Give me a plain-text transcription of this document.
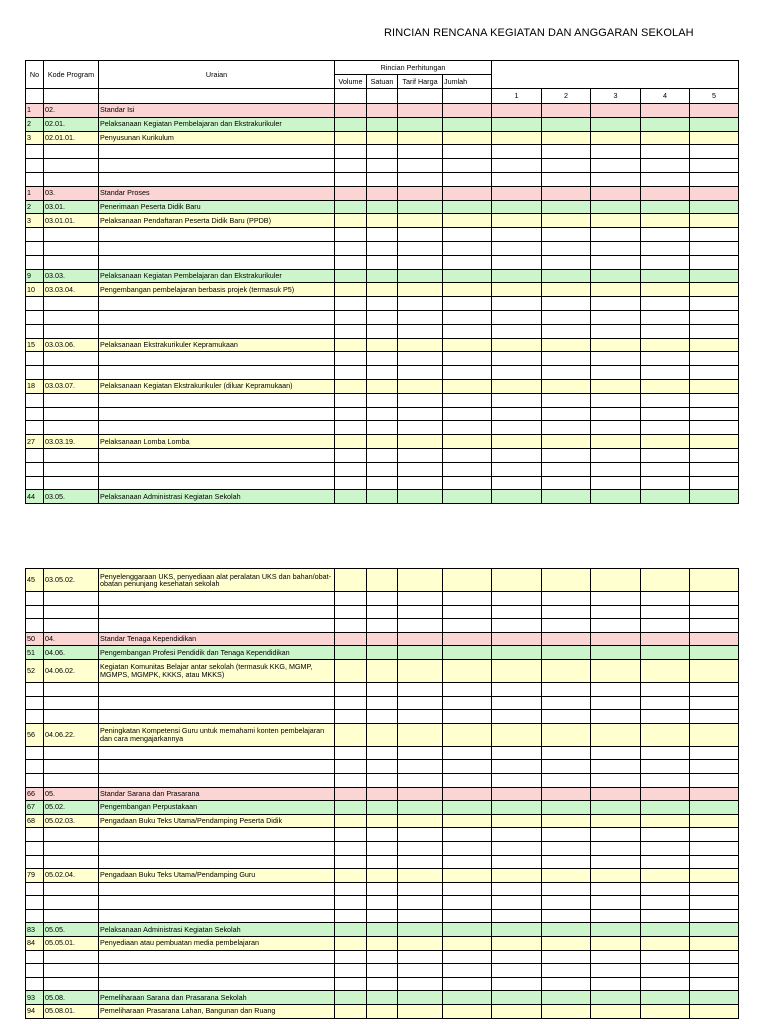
RINCIAN RENCANA KEGIATAN DAN ANGGARAN SEKOLAH
No	Kode Program	Uraian	Rincian Perhitungan								
			Volume	Satuan	Tarif Harga	Jumlah					
							1	2	3	4	5
1	02.	Standar Isi									
2	02.01.	Pelaksanaan Kegiatan Pembelajaran dan Ekstrakurikuler									
3	02.01.01.	Penyusunan Kurikulum									

1	03.	Standar Proses									
2	03.01.	Penerimaan Peserta Didik Baru									
3	03.01.01.	Pelaksanaan Pendaftaran Peserta Didik Baru (PPDB)									

9	03.03.	Pelaksanaan Kegiatan Pembelajaran dan Ekstrakurikuler									
10	03.03.04.	Pengembangan pembelajaran berbasis projek (termasuk P5)									

15	03.03.06.	Pelaksanaan Ekstrakurikuler Kepramukaan									

18	03.03.07.	Pelaksanaan Kegiatan Ekstrakurikuler (diluar Kepramukaan)									

27	03.03.19.	Pelaksanaan Lomba Lomba									

44	03.05.	Pelaksanaan Administrasi Kegiatan Sekolah									
45	03.05.02.	Penyelenggaraan UKS, penyediaan alat peralatan UKS dan bahan/obat-obatan penunjang kesehatan sekolah									

50	04.	Standar Tenaga Kependidikan									
51	04.06.	Pengembangan Profesi Pendidik dan Tenaga Kependidikan									
52	04.06.02.	Kegiatan Komunitas Belajar antar sekolah (termasuk KKG, MGMP, MGMPS, MGMPK, KKKS, atau MKKS)									

56	04.06.22.	Peningkatan Kompetensi Guru untuk memahami konten pembelajaran dan cara mengajarkannya									

66	05.	Standar Sarana dan Prasarana									
67	05.02.	Pengembangan Perpustakaan									
68	05.02.03.	Pengadaan Buku Teks Utama/Pendamping Peserta Didik									

79	05.02.04.	Pengadaan Buku Teks Utama/Pendamping Guru									

83	05.05.	Pelaksanaan Administrasi Kegiatan Sekolah									
84	05.05.01.	Penyediaan atau pembuatan media pembelajaran									

93	05.08.	Pemeliharaan Sarana dan Prasarana Sekolah									
94	05.08.01.	Pemeliharaan Prasarana Lahan, Bangunan dan Ruang									
